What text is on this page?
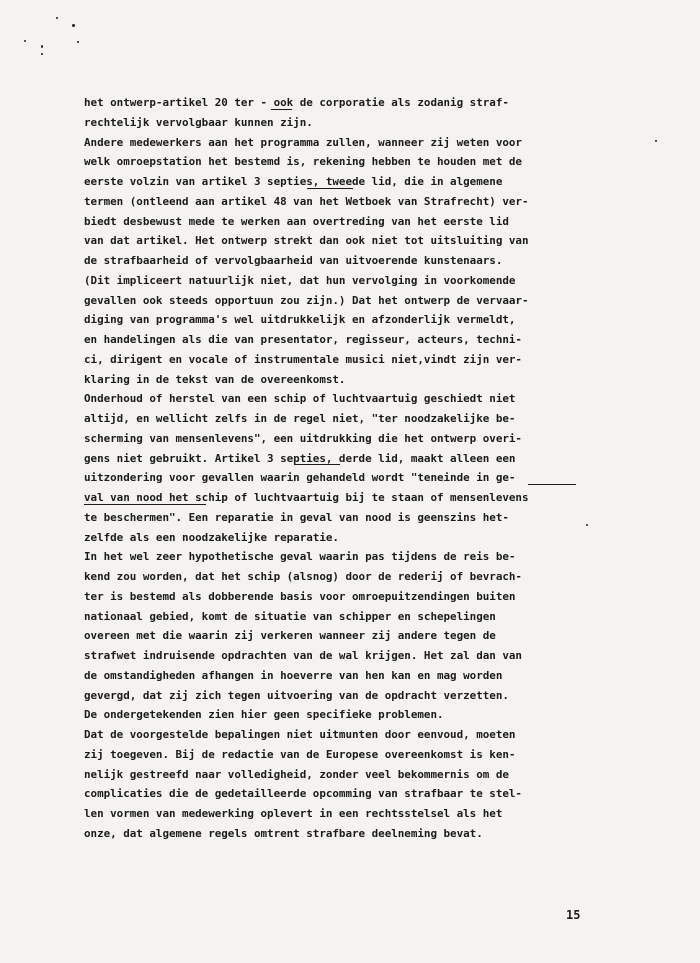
het ontwerp-artikel 20 ter - ook de corporatie als zodanig straf-
rechtelijk vervolgbaar kunnen zijn.
Andere medewerkers aan het programma zullen, wanneer zij weten voor
welk omroepstation het bestemd is, rekening hebben te houden met de
eerste volzin van artikel 3 septies, tweede lid, die in algemene
termen (ontleend aan artikel 48 van het Wetboek van Strafrecht) ver-
biedt desbewust mede te werken aan overtreding van het eerste lid
van dat artikel. Het ontwerp strekt dan ook niet tot uitsluiting van
de strafbaarheid of vervolgbaarheid van uitvoerende kunstenaars.
(Dit impliceert natuurlijk niet, dat hun vervolging in voorkomende
gevallen ook steeds opportuun zou zijn.) Dat het ontwerp de vervaar-
diging van programma's wel uitdrukkelijk en afzonderlijk vermeldt,
en handelingen als die van presentator, regisseur, acteurs, techni-
ci, dirigent en vocale of instrumentale musici niet,vindt zijn ver-
klaring in de tekst van de overeenkomst.
Onderhoud of herstel van een schip of luchtvaartuig geschiedt niet
altijd, en wellicht zelfs in de regel niet, "ter noodzakelijke be-
scherming van mensenlevens", een uitdrukking die het ontwerp overi-
gens niet gebruikt. Artikel 3 septies, derde lid, maakt alleen een
uitzondering voor gevallen waarin gehandeld wordt "teneinde in ge-
val van nood het schip of luchtvaartuig bij te staan of mensenlevens
te beschermen". Een reparatie in geval van nood is geenszins het-
zelfde als een noodzakelijke reparatie.
In het wel zeer hypothetische geval waarin pas tijdens de reis be-
kend zou worden, dat het schip (alsnog) door de rederij of bevrach-
ter is bestemd als dobberende basis voor omroepuitzendingen buiten
nationaal gebied, komt de situatie van schipper en schepelingen
overeen met die waarin zij verkeren wanneer zij andere tegen de
strafwet indruisende opdrachten van de wal krijgen. Het zal dan van
de omstandigheden afhangen in hoeverre van hen kan en mag worden
gevergd, dat zij zich tegen uitvoering van de opdracht verzetten.
De ondergetekenden zien hier geen specifieke problemen.
Dat de voorgestelde bepalingen niet uitmunten door eenvoud, moeten
zij toegeven. Bij de redactie van de Europese overeenkomst is ken-
nelijk gestreefd naar volledigheid, zonder veel bekommernis om de
complicaties die de gedetailleerde opcomming van strafbaar te stel-
len vormen van medewerking oplevert in een rechtsstelsel als het
onze, dat algemene regels omtrent strafbare deelneming bevat.
15
